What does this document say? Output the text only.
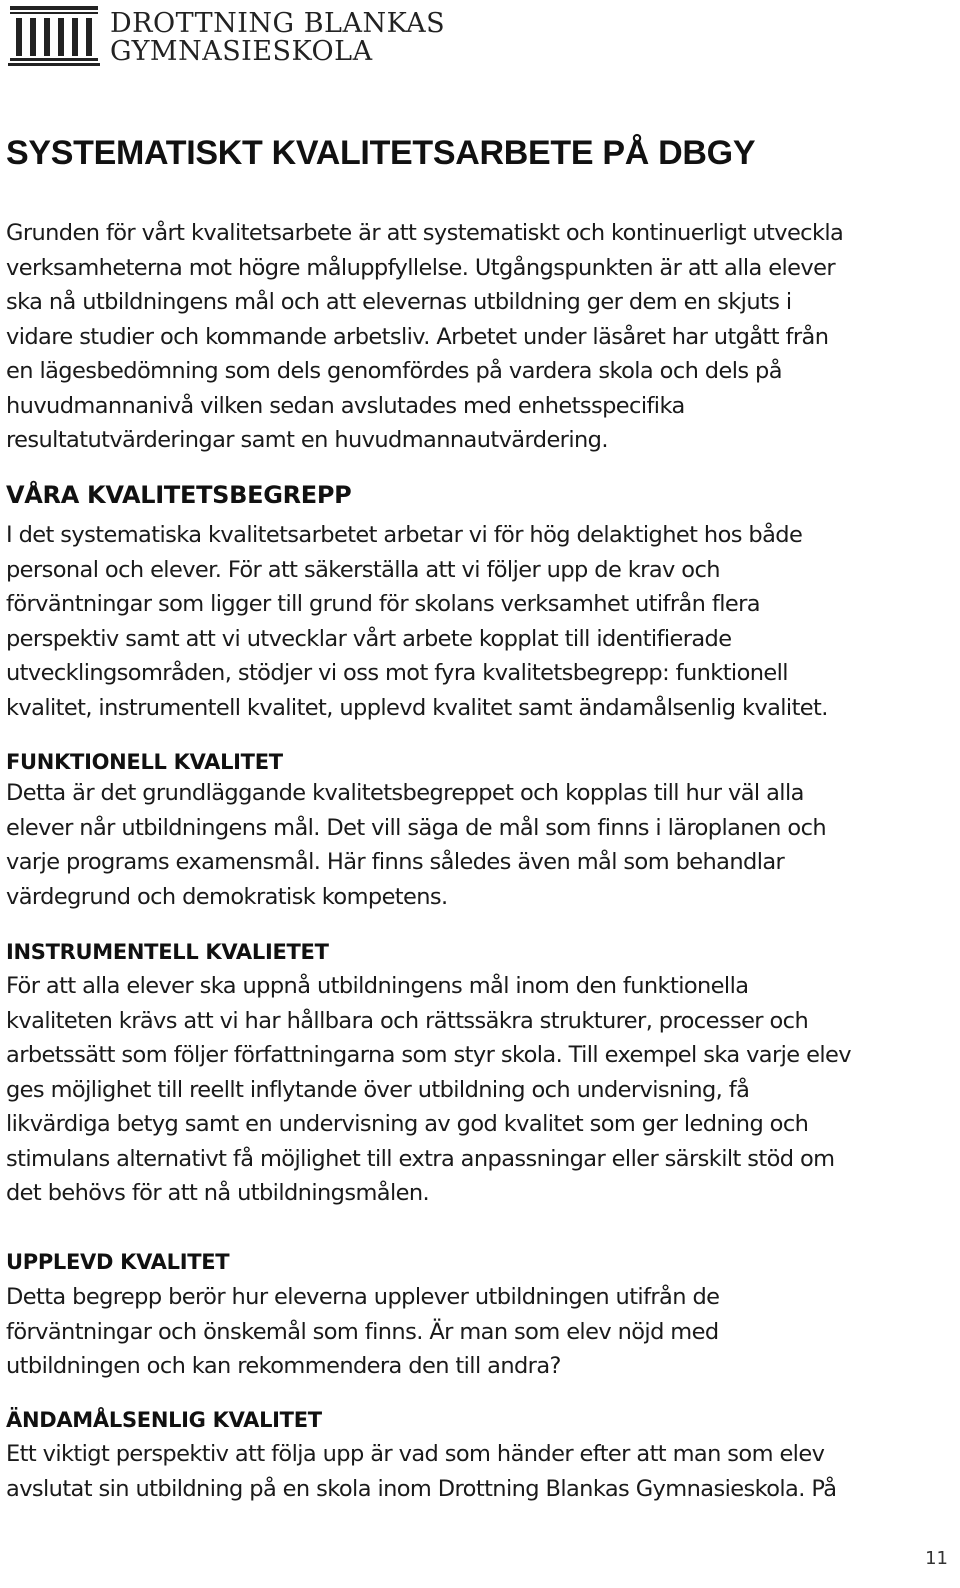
DROTTNING BLANKAS
GYMNASIESKOLA
SYSTEMATISKT KVALITETSARBETE PÅ DBGY
Grunden för vårt kvalitetsarbete är att systematiskt och kontinuerligt utveckla
verksamheterna mot högre måluppfyllelse. Utgångspunkten är att alla elever
ska nå utbildningens mål och att elevernas utbildning ger dem en skjuts i
vidare studier och kommande arbetsliv. Arbetet under läsåret har utgått från
en lägesbedömning som dels genomfördes på vardera skola och dels på
huvudmannanivå vilken sedan avslutades med enhetsspecifika
resultatutvärderingar samt en huvudmannautvärdering.
VÅRA KVALITETSBEGREPP
I det systematiska kvalitetsarbetet arbetar vi för hög delaktighet hos både
personal och elever. För att säkerställa att vi följer upp de krav och
förväntningar som ligger till grund för skolans verksamhet utifrån flera
perspektiv samt att vi utvecklar vårt arbete kopplat till identifierade
utvecklingsområden, stödjer vi oss mot fyra kvalitetsbegrepp: funktionell
kvalitet, instrumentell kvalitet, upplevd kvalitet samt ändamålsenlig kvalitet.
FUNKTIONELL KVALITET
Detta är det grundläggande kvalitetsbegreppet och kopplas till hur väl alla
elever når utbildningens mål. Det vill säga de mål som finns i läroplanen och
varje programs examensmål. Här finns således även mål som behandlar
värdegrund och demokratisk kompetens.
INSTRUMENTELL KVALIETET
För att alla elever ska uppnå utbildningens mål inom den funktionella
kvaliteten krävs att vi har hållbara och rättssäkra strukturer, processer och
arbetssätt som följer författningarna som styr skola. Till exempel ska varje elev
ges möjlighet till reellt inflytande över utbildning och undervisning, få
likvärdiga betyg samt en undervisning av god kvalitet som ger ledning och
stimulans alternativt få möjlighet till extra anpassningar eller särskilt stöd om
det behövs för att nå utbildningsmålen.
UPPLEVD KVALITET
Detta begrepp berör hur eleverna upplever utbildningen utifrån de
förväntningar och önskemål som finns. Är man som elev nöjd med
utbildningen och kan rekommendera den till andra?
ÄNDAMÅLSENLIG KVALITET
Ett viktigt perspektiv att följa upp är vad som händer efter att man som elev
avslutat sin utbildning på en skola inom Drottning Blankas Gymnasieskola. På
11
